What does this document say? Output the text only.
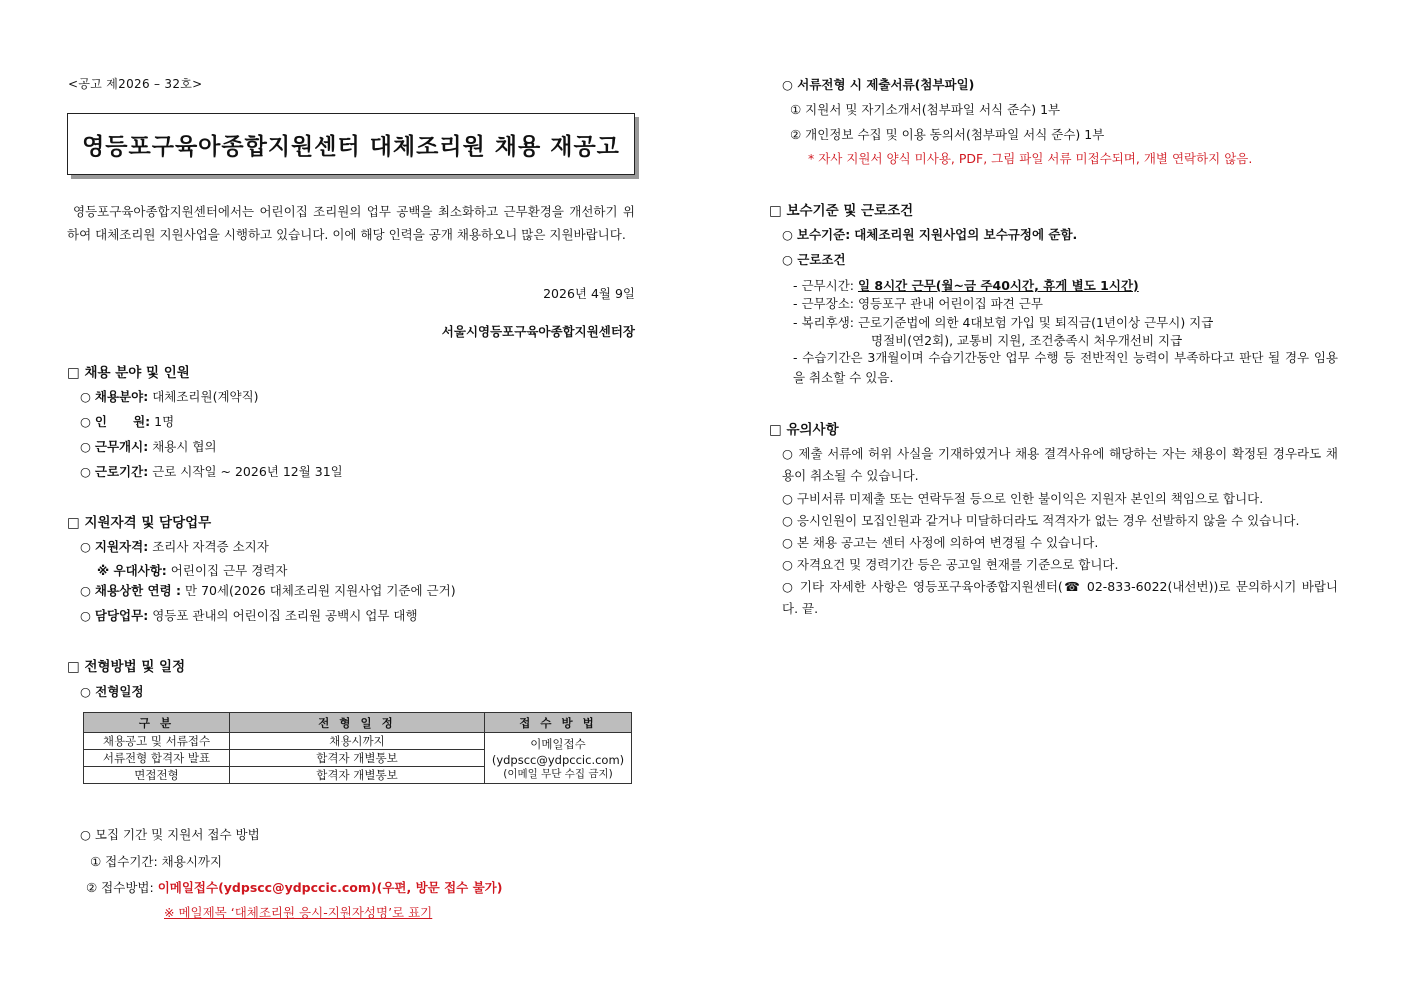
<공고 제2026 – 32호>
영등포구육아종합지원센터 대체조리원 채용 재공고
영등포구육아종합지원센터에서는 어린이집 조리원의 업무 공백을 최소화하고 근무환경을 개선하기 위하여 대체조리원 지원사업을 시행하고 있습니다. 이에 해당 인력을 공개 채용하오니 많은 지원바랍니다.
2026년 4월 9일
서울시영등포구육아종합지원센터장
□ 채용 분야 및 인원
○ 채용분야: 대체조리원(계약직)
○ 인      원: 1명
○ 근무개시: 채용시 협의
○ 근로기간: 근로 시작일 ~ 2026년 12월 31일
□ 지원자격 및 담당업무
○ 지원자격: 조리사 자격증 소지자
※ 우대사항: 어린이집 근무 경력자
○ 채용상한 연령 : 만 70세(2026 대체조리원 지원사업 기준에 근거)
○ 담당업무: 영등포 관내의 어린이집 조리원 공백시 업무 대행
□ 전형방법 및 일정
○ 전형일정
구 분	전 형 일 정	접 수 방 법
채용공고 및 서류접수	채용시까지	이메일접수
(ydpscc@ydpccic.com)
(이메일 무단 수집 금지)

서류전형 합격자 발표	합격자 개별통보	
면접전형	합격자 개별통보	
○ 모집 기간 및 지원서 접수 방법
① 접수기간: 채용시까지
② 접수방법: 이메일접수(ydpscc@ydpccic.com)(우편, 방문 접수 불가)
※ 메일제목 ‘대체조리원 응시-지원자성명’로 표기
○ 서류전형 시 제출서류(첨부파일)
① 지원서 및 자기소개서(첨부파일 서식 준수) 1부
② 개인정보 수집 및 이용 동의서(첨부파일 서식 준수) 1부
* 자사 지원서 양식 미사용, PDF, 그림 파일 서류 미접수되며, 개별 연락하지 않음.
□ 보수기준 및 근로조건
○ 보수기준: 대체조리원 지원사업의 보수규정에 준함.
○ 근로조건
- 근무시간: 일 8시간 근무(월~금 주40시간, 휴게 별도 1시간)
- 근무장소: 영등포구 관내 어린이집 파견 근무
- 복리후생: 근로기준법에 의한 4대보험 가입 및 퇴직금(1년이상 근무시) 지급
명절비(연2회), 교통비 지원, 조건충족시 처우개선비 지급
- 수습기간은 3개월이며 수습기간동안 업무 수행 등 전반적인 능력이 부족하다고 판단 될 경우 임용을 취소할 수 있음.
□ 유의사항
○ 제출 서류에 허위 사실을 기재하였거나 채용 결격사유에 해당하는 자는 채용이 확정된 경우라도 채용이 취소될 수 있습니다.
○ 구비서류 미제출 또는 연락두절 등으로 인한 불이익은 지원자 본인의 책임으로 합니다.
○ 응시인원이 모집인원과 같거나 미달하더라도 적격자가 없는 경우 선발하지 않을 수 있습니다.
○ 본 채용 공고는 센터 사정에 의하여 변경될 수 있습니다.
○ 자격요건 및 경력기간 등은 공고일 현재를 기준으로 합니다.
○ 기타 자세한 사항은 영등포구육아종합지원센터(☎ 02-833-6022(내선번))로 문의하시기 바랍니다. 끝.
